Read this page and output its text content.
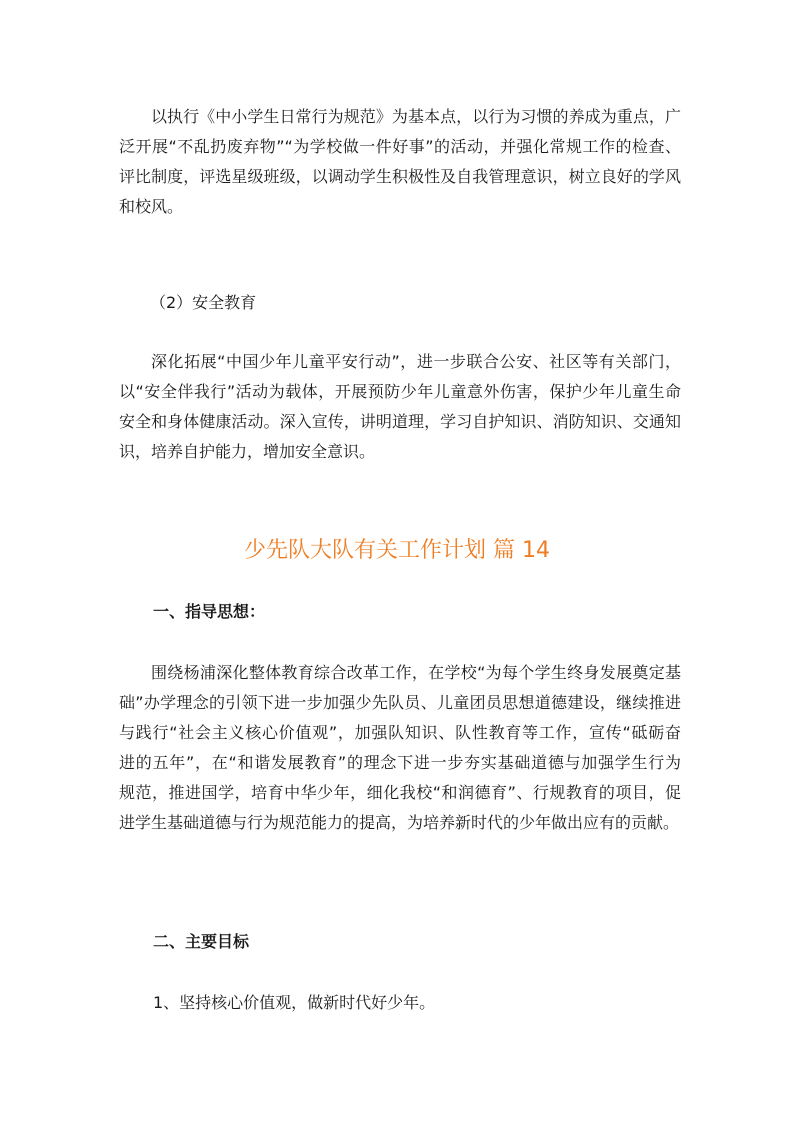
以执行《中小学生日常行为规范》为基本点，以行为习惯的养成为重点，广
泛开展“不乱扔废弃物”“为学校做一件好事”的活动，并强化常规工作的检查、
评比制度，评选星级班级，以调动学生积极性及自我管理意识，树立良好的学风
和校风。

（2）安全教育

深化拓展“中国少年儿童平安行动”，进一步联合公安、社区等有关部门，
以“安全伴我行”活动为载体，开展预防少年儿童意外伤害，保护少年儿童生命
安全和身体健康活动。深入宣传，讲明道理，学习自护知识、消防知识、交通知
识，培养自护能力，增加安全意识。
少先队大队有关工作计划 篇 14

一、指导思想：

围绕杨浦深化整体教育综合改革工作，在学校“为每个学生终身发展奠定基
础”办学理念的引领下进一步加强少先队员、儿童团员思想道德建设，继续推进
与践行“社会主义核心价值观”，加强队知识、队性教育等工作，宣传“砥砺奋
进的五年”，在“和谐发展教育”的理念下进一步夯实基础道德与加强学生行为
规范，推进国学，培育中华少年，细化我校“和润德育”、行规教育的项目，促
进学生基础道德与行为规范能力的提高，为培养新时代的少年做出应有的贡献。

二、主要目标

1、坚持核心价值观，做新时代好少年。
